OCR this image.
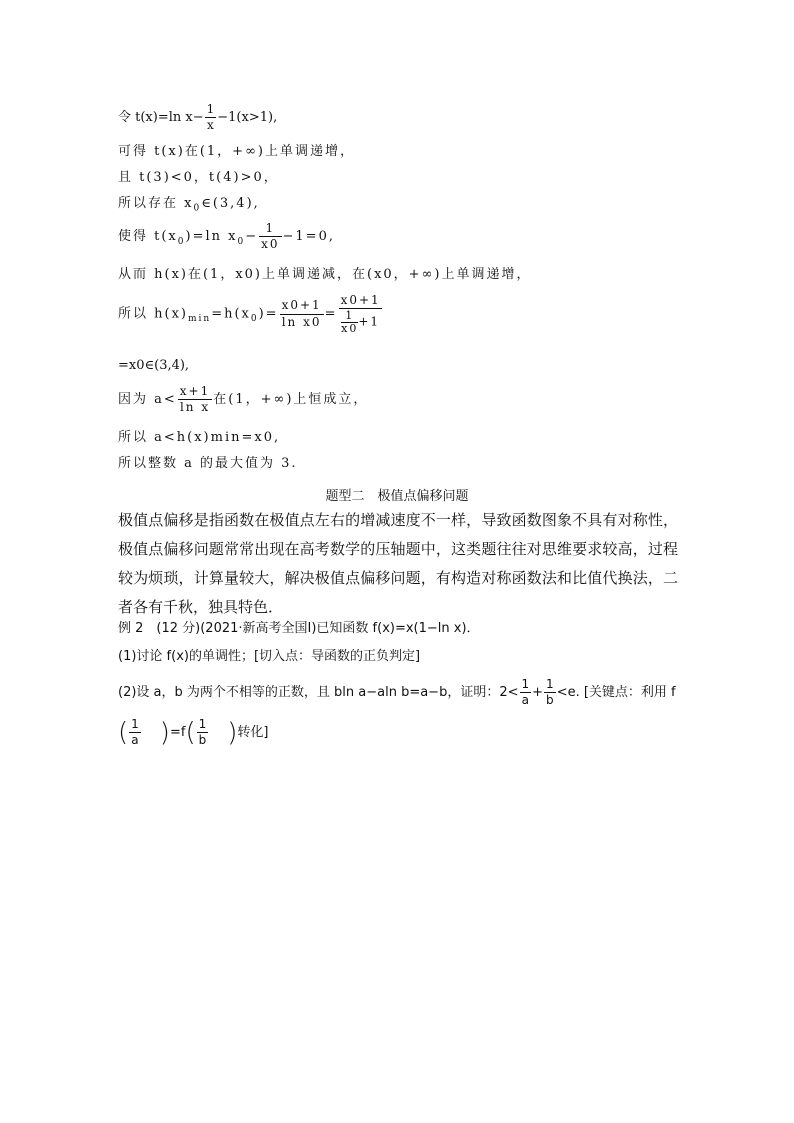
令 t(x)=ln $x- \frac{1}{x} -1(x>1)$,
可得 t(x)在(1，+∞)上单调递增，
且 t(3)<0，t(4)>0，
所以存在 $x_0\in(3,4)$,
使得 $t(x_0)=\ln$ $x_0- \frac{1}{x0} -1=0$,
从而 h(x)在(1，x0)上单调递减，在(x0，+∞)上单调递增，
所以 $h(x)_{min}=h(x_0)= \frac{x0+1}{\text{ln x0}} = \frac{x0+1}{\frac{1}{x0} +1}$
=x0∈(3,4),
因为 $a< \frac{x+1}{\text{ln x}}$ 在(1，+∞)上恒成立，
所以 a<h(x)min=x0,
所以整数 a 的最大值为 3.
题型二　极值点偏移问题
极值点偏移是指函数在极值点左右的增减速度不一样，导致函数图象不具有对称性，极值点偏移问题常常出现在高考数学的压轴题中，这类题往往对思维要求较高，过程较为烦琐，计算量较大，解决极值点偏移问题，有构造对称函数法和比值代换法，二者各有千秋，独具特色．
例 2　(12 分)(2021·新高考全国Ⅰ)已知函数 f(x)=x(1−ln x)．
(1)讨论 f(x)的单调性；[切入点：导函数的正负判定]
(2)设 a，b 为两个不相等的正数，且 bln a−aln b=a−b，证明：$2< \frac{1}{a} + \frac{1}{b} <e$. [关键点：利用 f
( $\frac{1}{a} )=f( \frac{1}{b}$ )转化]
